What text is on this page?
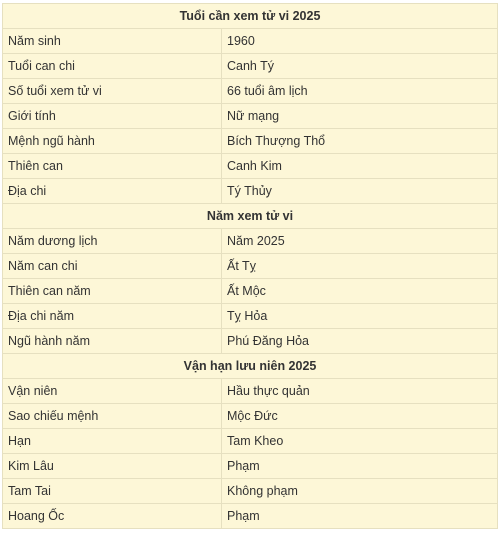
Tuổi cần xem tử vi 2025	
Năm sinh	1960
Tuổi can chi	Canh Tý
Số tuổi xem tử vi	66 tuổi âm lịch
Giới tính	Nữ mạng
Mệnh ngũ hành	Bích Thượng Thổ
Thiên can	Canh Kim
Địa chi	Tý Thủy
Năm xem tử vi	
Năm dương lịch	Năm 2025
Năm can chi	Ất Tỵ
Thiên can năm	Ất Mộc
Địa chi năm	Tỵ Hỏa
Ngũ hành năm	Phú Đăng Hỏa
Vận hạn lưu niên 2025	
Vận niên	Hầu thực quản
Sao chiếu mệnh	Mộc Đức
Hạn	Tam Kheo
Kim Lâu	Phạm
Tam Tai	Không phạm
Hoang Ốc	Phạm
